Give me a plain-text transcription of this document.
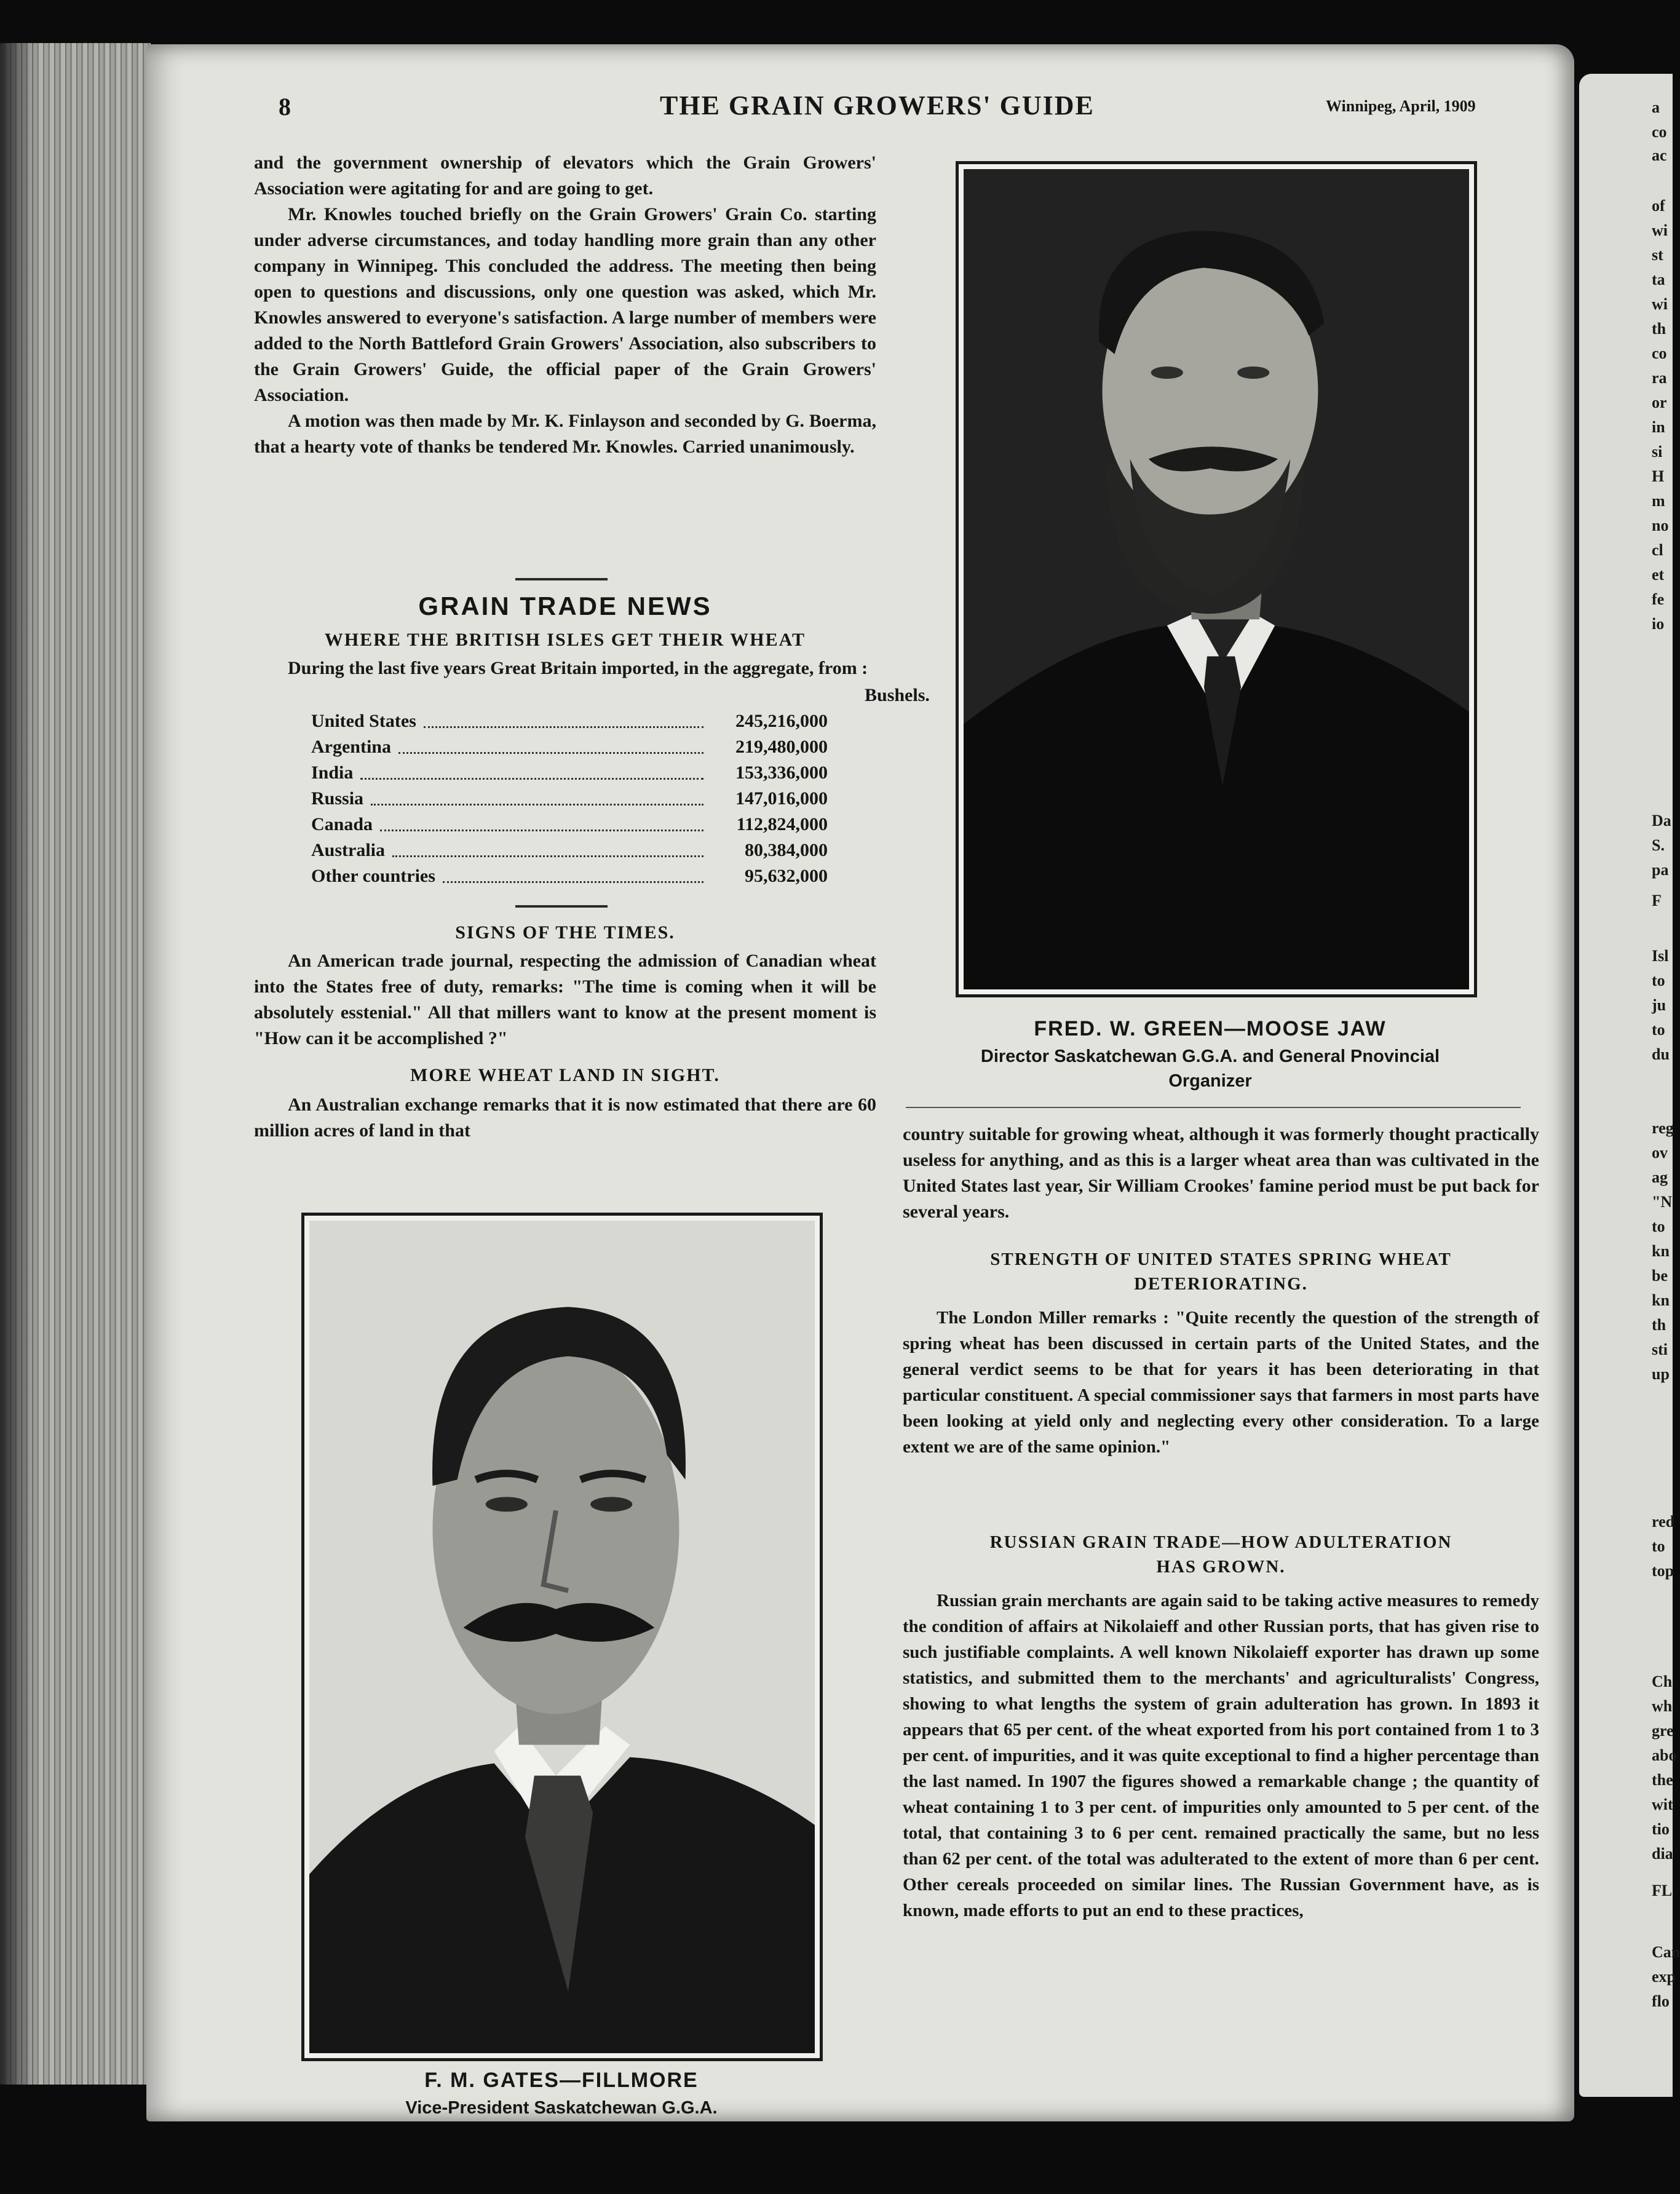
a
co
ac
of
wi
st
ta
wi
th
co
ra
or
in
si
H
m
no
cl
et
fe
io
Da
S.
pa
F
Isl
to
ju
to
du
reg
ov
ag
"N
to
kn
be
kn
th
sti
up
red
to
top
Ch
wh
gre
abo
the
wit
tio
dia
FL
Can
exp
flo
8	THE GRAIN GROWERS' GUIDE	Winnipeg, April, 1909

and the government ownership of elevators which the Grain Growers' Association were agitating for and are going to get.

Mr. Knowles touched briefly on the Grain Growers' Grain Co. starting under adverse circumstances, and today handling more grain than any other company in Winnipeg. This concluded the address. The meeting then being open to questions and discussions, only one question was asked, which Mr. Knowles answered to everyone's satisfaction. A large number of members were added to the North Battleford Grain Growers' Association, also subscribers to the Grain Growers' Guide, the official paper of the Grain Growers' Association.

A motion was then made by Mr. K. Finlayson and seconded by G. Boerma, that a hearty vote of thanks be tendered Mr. Knowles. Carried unanimously.

GRAIN TRADE NEWS
WHERE THE BRITISH ISLES GET THEIR WHEAT

During the last five years Great Britain imported, in the aggregate, from :

Bushels.
United States	245,216,000
Argentina	219,480,000
India	153,336,000
Russia	147,016,000
Canada	112,824,000
Australia	80,384,000
Other countries	95,632,000
SIGNS OF THE TIMES.

An American trade journal, respecting the admission of Canadian wheat into the States free of duty, remarks: "The time is coming when it will be absolutely esstenial." All that millers want to know at the present moment is "How can it be accomplished ?"

MORE WHEAT LAND IN SIGHT.

An Australian exchange remarks that it is now estimated that there are 60 million acres of land in that

FRED. W. GREEN—MOOSE JAW
Director Saskatchewan G.G.A. and General Pnovincial
Organizer
F. M. GATES—FILLMORE
Vice-President Saskatchewan G.G.A.

country suitable for growing wheat, although it was formerly thought practically useless for anything, and as this is a larger wheat area than was cultivated in the United States last year, Sir William Crookes' famine period must be put back for several years.

STRENGTH OF UNITED STATES SPRING WHEAT
DETERIORATING.

The London Miller remarks : "Quite recently the question of the strength of spring wheat has been discussed in certain parts of the United States, and the general verdict seems to be that for years it has been deteriorating in that particular constituent. A special commissioner says that farmers in most parts have been looking at yield only and neglecting every other consideration. To a large extent we are of the same opinion."

RUSSIAN GRAIN TRADE—HOW ADULTERATION
HAS GROWN.

Russian grain merchants are again said to be taking active measures to remedy the condition of affairs at Nikolaieff and other Russian ports, that has given rise to such justifiable complaints. A well known Nikolaieff exporter has drawn up some statistics, and submitted them to the merchants' and agriculturalists' Congress, showing to what lengths the system of grain adulteration has grown. In 1893 it appears that 65 per cent. of the wheat exported from his port contained from 1 to 3 per cent. of impurities, and it was quite exceptional to find a higher percentage than the last named. In 1907 the figures showed a remarkable change ; the quantity of wheat containing 1 to 3 per cent. of impurities only amounted to 5 per cent. of the total, that containing 3 to 6 per cent. remained practically the same, but no less than 62 per cent. of the total was adulterated to the extent of more than 6 per cent. Other cereals proceeded on similar lines. The Russian Government have, as is known, made efforts to put an end to these practices,
